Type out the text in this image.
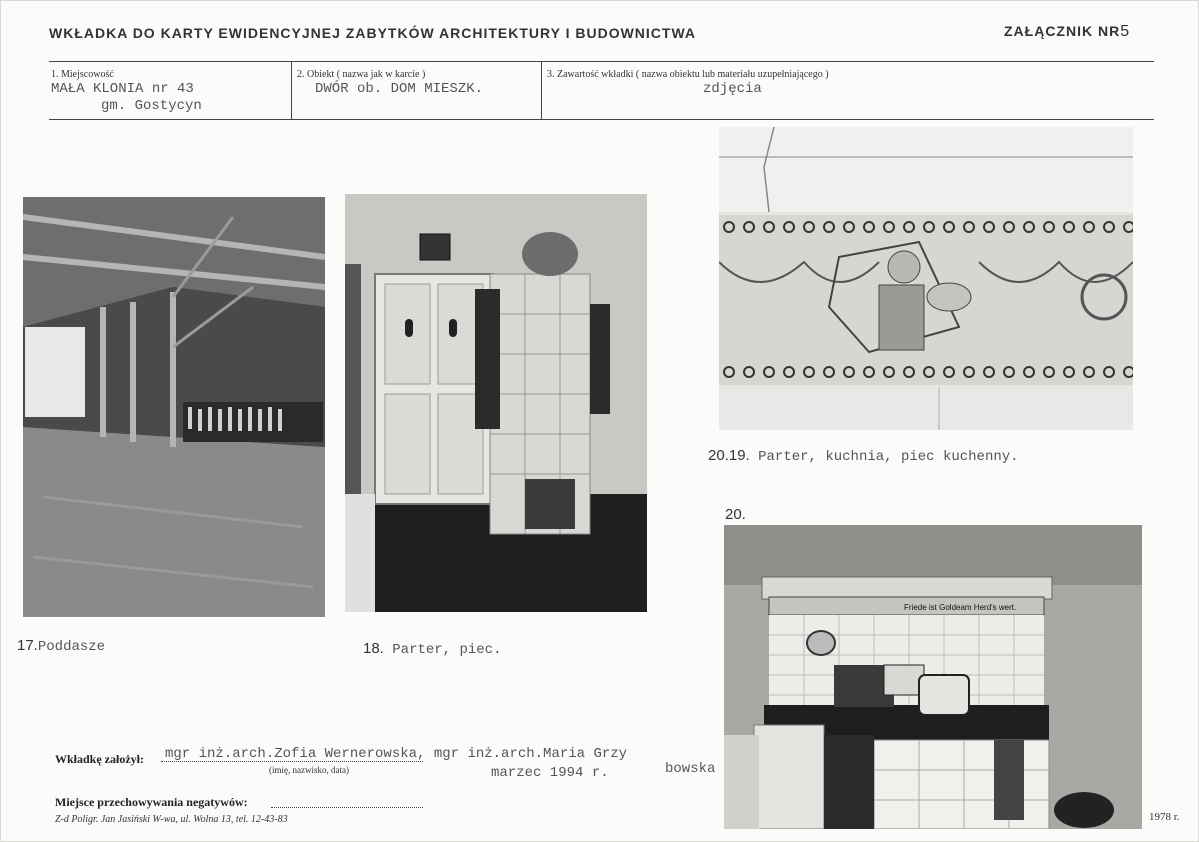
WKŁADKA DO KARTY EWIDENCYJNEJ ZABYTKÓW ARCHITEKTURY I BUDOWNICTWA	ZAŁĄCZNIK NR5
1. Miejscowość
MAŁA KLONIA nr 43
gm. Gostycyn
2. Obiekt ( nazwa jak w karcie )
DWÓR ob. DOM MIESZK.
3. Zawartość wkładki ( nazwa obiektu lub materiału uzupełniającego )
zdjęcia
Friede ist Goldeam Herd's wert.
17.Poddasze	18. Parter, piec.
20.19. Parter, kuchnia, piec kuchenny.
20.
Wkładkę założył: mgr inż.arch.Zofia Wernerowska, mgr inż.arch.Maria Grzy
bowska
(imię, nazwisko, data)	marzec 1994 r.
Miejsce przechowywania negatywów:
Z-d Poligr. Jan Jasiński W-wa, ul. Wolna 13, tel. 12-43-83	1978 r.
